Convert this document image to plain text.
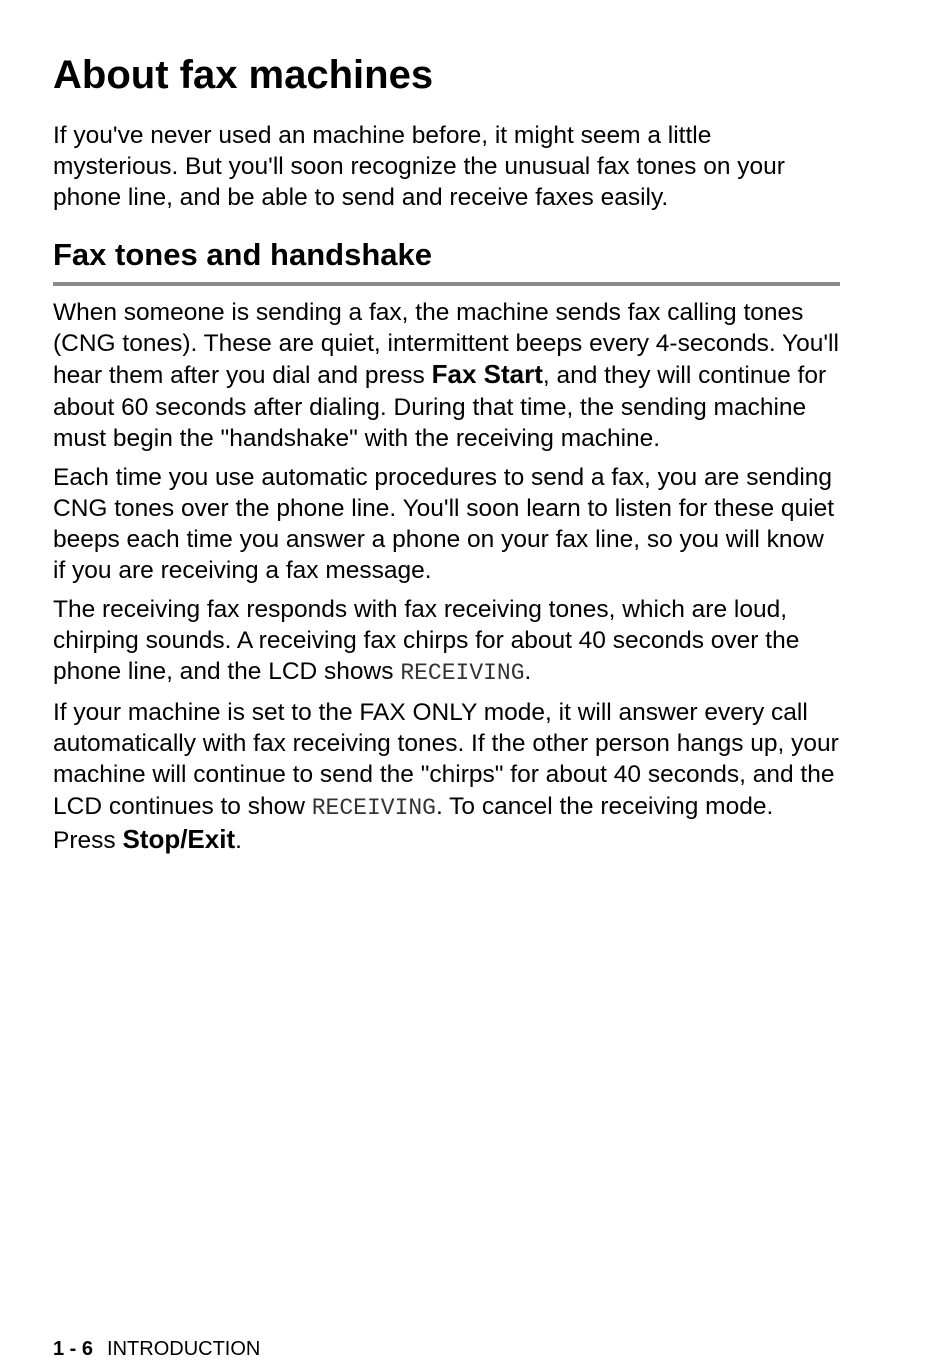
About fax machines

If you've never used an machine before, it might seem a little mysterious. But you'll soon recognize the unusual fax tones on your phone line, and be able to send and receive faxes easily.

Fax tones and handshake

When someone is sending a fax, the machine sends fax calling tones (CNG tones). These are quiet, intermittent beeps every 4-seconds. You'll hear them after you dial and press Fax Start, and they will continue for about 60 seconds after dialing. During that time, the sending machine must begin the "handshake" with the receiving machine.

Each time you use automatic procedures to send a fax, you are sending CNG tones over the phone line. You'll soon learn to listen for these quiet beeps each time you answer a phone on your fax line, so you will know if you are receiving a fax message.

The receiving fax responds with fax receiving tones, which are loud, chirping sounds. A receiving fax chirps for about 40 seconds over the phone line, and the LCD shows RECEIVING.

If your machine is set to the FAX ONLY mode, it will answer every call automatically with fax receiving tones. If the other person hangs up, your machine will continue to send the "chirps" for about 40 seconds, and the LCD continues to show RECEIVING. To cancel the receiving mode. Press Stop/Exit.

1 - 6 INTRODUCTION
